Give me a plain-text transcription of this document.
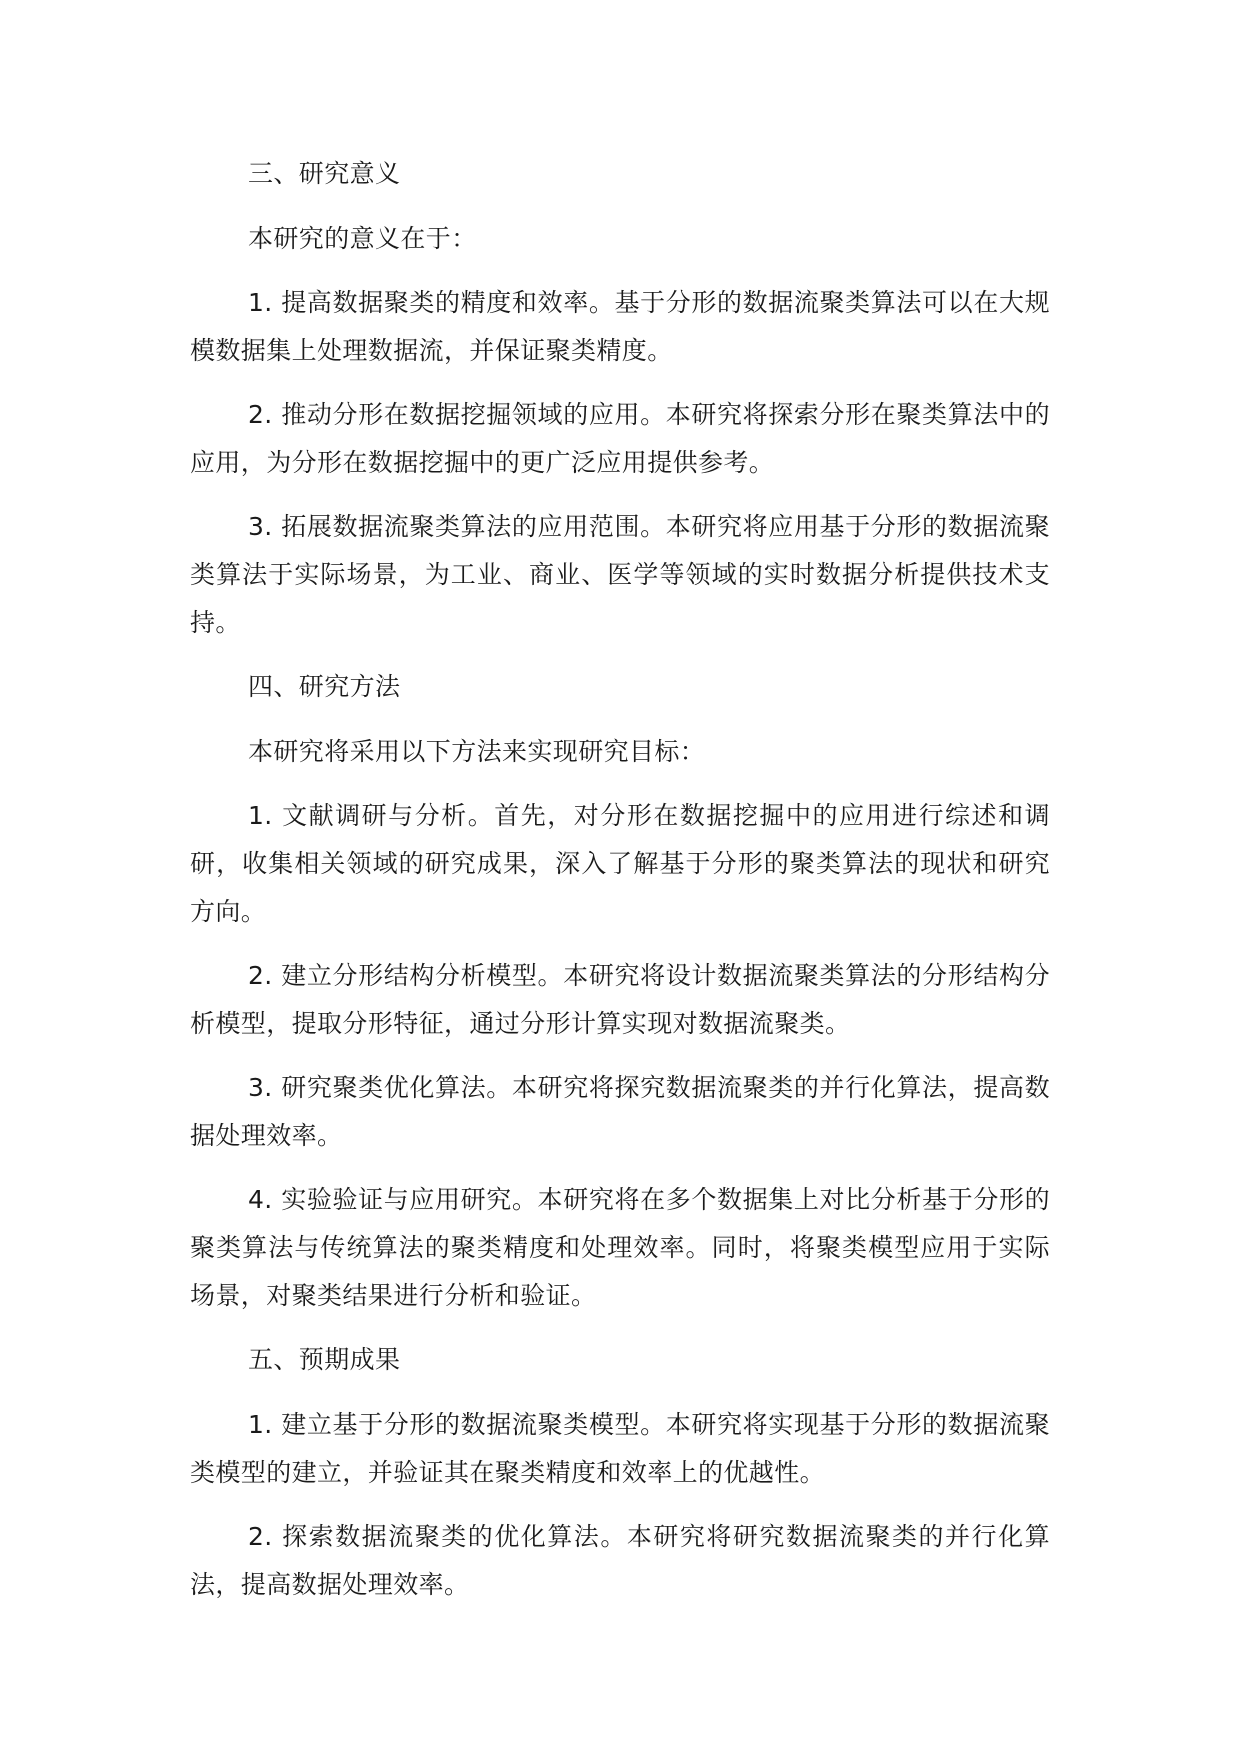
三、研究意义

本研究的意义在于：

1. 提高数据聚类的精度和效率。基于分形的数据流聚类算法可以在大规模数据集上处理数据流，并保证聚类精度。

2. 推动分形在数据挖掘领域的应用。本研究将探索分形在聚类算法中的应用，为分形在数据挖掘中的更广泛应用提供参考。

3. 拓展数据流聚类算法的应用范围。本研究将应用基于分形的数据流聚类算法于实际场景，为工业、商业、医学等领域的实时数据分析提供技术支持。

四、研究方法

本研究将采用以下方法来实现研究目标：

1. 文献调研与分析。首先，对分形在数据挖掘中的应用进行综述和调研，收集相关领域的研究成果，深入了解基于分形的聚类算法的现状和研究方向。

2. 建立分形结构分析模型。本研究将设计数据流聚类算法的分形结构分析模型，提取分形特征，通过分形计算实现对数据流聚类。

3. 研究聚类优化算法。本研究将探究数据流聚类的并行化算法，提高数据处理效率。

4. 实验验证与应用研究。本研究将在多个数据集上对比分析基于分形的聚类算法与传统算法的聚类精度和处理效率。同时，将聚类模型应用于实际场景，对聚类结果进行分析和验证。

五、预期成果

1. 建立基于分形的数据流聚类模型。本研究将实现基于分形的数据流聚类模型的建立，并验证其在聚类精度和效率上的优越性。

2. 探索数据流聚类的优化算法。本研究将研究数据流聚类的并行化算法，提高数据处理效率。
